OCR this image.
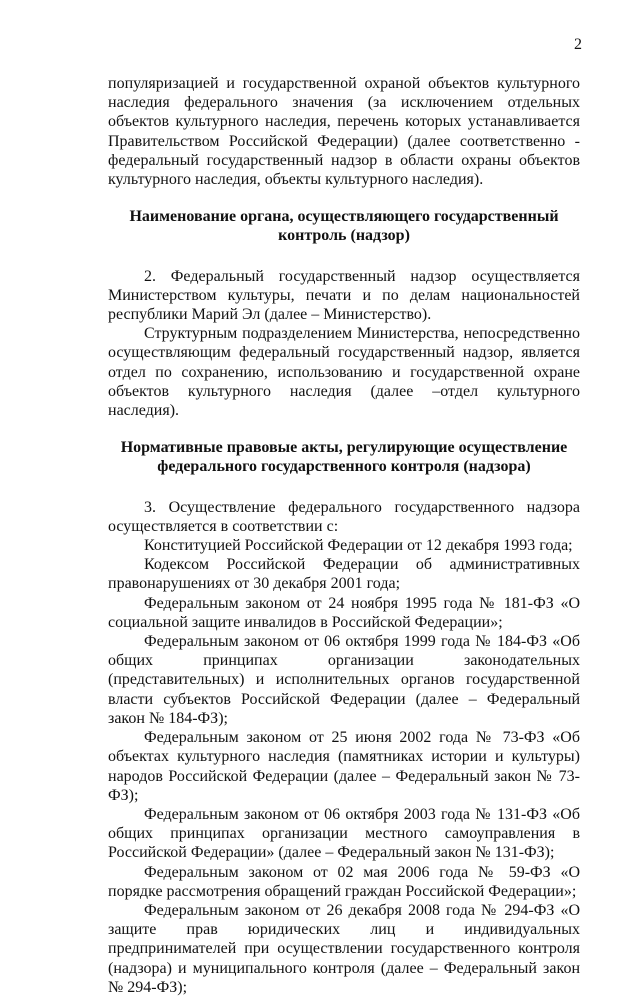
2

популяризацией и государственной охраной объектов культурного наследия федерального значения (за исключением отдельных объектов культурного наследия, перечень которых устанавливается Правительством Российской Федерации) (далее соответственно - федеральный государственный надзор в области охраны объектов культурного наследия, объекты культурного наследия).

Наименование органа, осуществляющего государственный контроль (надзор)

2. Федеральный государственный надзор осуществляется Министерством культуры, печати и по делам национальностей республики Марий Эл (далее – Министерство).

Структурным подразделением Министерства, непосредственно осуществляющим федеральный государственный надзор, является отдел по сохранению, использованию и государственной охране объектов культурного наследия (далее –отдел культурного наследия).

Нормативные правовые акты, регулирующие осуществление федерального государственного контроля (надзора)

3. Осуществление федерального государственного надзора осуществляется в соответствии с:

Конституцией Российской Федерации от 12 декабря 1993 года;

Кодексом Российской Федерации об административных правонарушениях от 30 декабря 2001 года;

Федеральным законом от 24 ноября 1995 года № 181-ФЗ «О социальной защите инвалидов в Российской Федерации»;

Федеральным законом от 06 октября 1999 года № 184-ФЗ «Об общих принципах организации законодательных (представительных) и исполнительных органов государственной власти субъектов Российской Федерации (далее – Федеральный закон № 184-ФЗ);

Федеральным законом от 25 июня 2002 года № 73-ФЗ «Об объектах культурного наследия (памятниках истории и культуры) народов Российской Федерации (далее – Федеральный закон № 73-ФЗ);

Федеральным законом от 06 октября 2003 года № 131-ФЗ «Об общих принципах организации местного самоуправления в Российской Федерации» (далее – Федеральный закон № 131-ФЗ);

Федеральным законом от 02 мая 2006 года № 59-ФЗ «О порядке рассмотрения обращений граждан Российской Федерации»;

Федеральным законом от 26 декабря 2008 года № 294-ФЗ «О защите прав юридических лиц и индивидуальных предпринимателей при осуществлении государственного контроля (надзора) и муниципального контроля (далее – Федеральный закон № 294-ФЗ);
